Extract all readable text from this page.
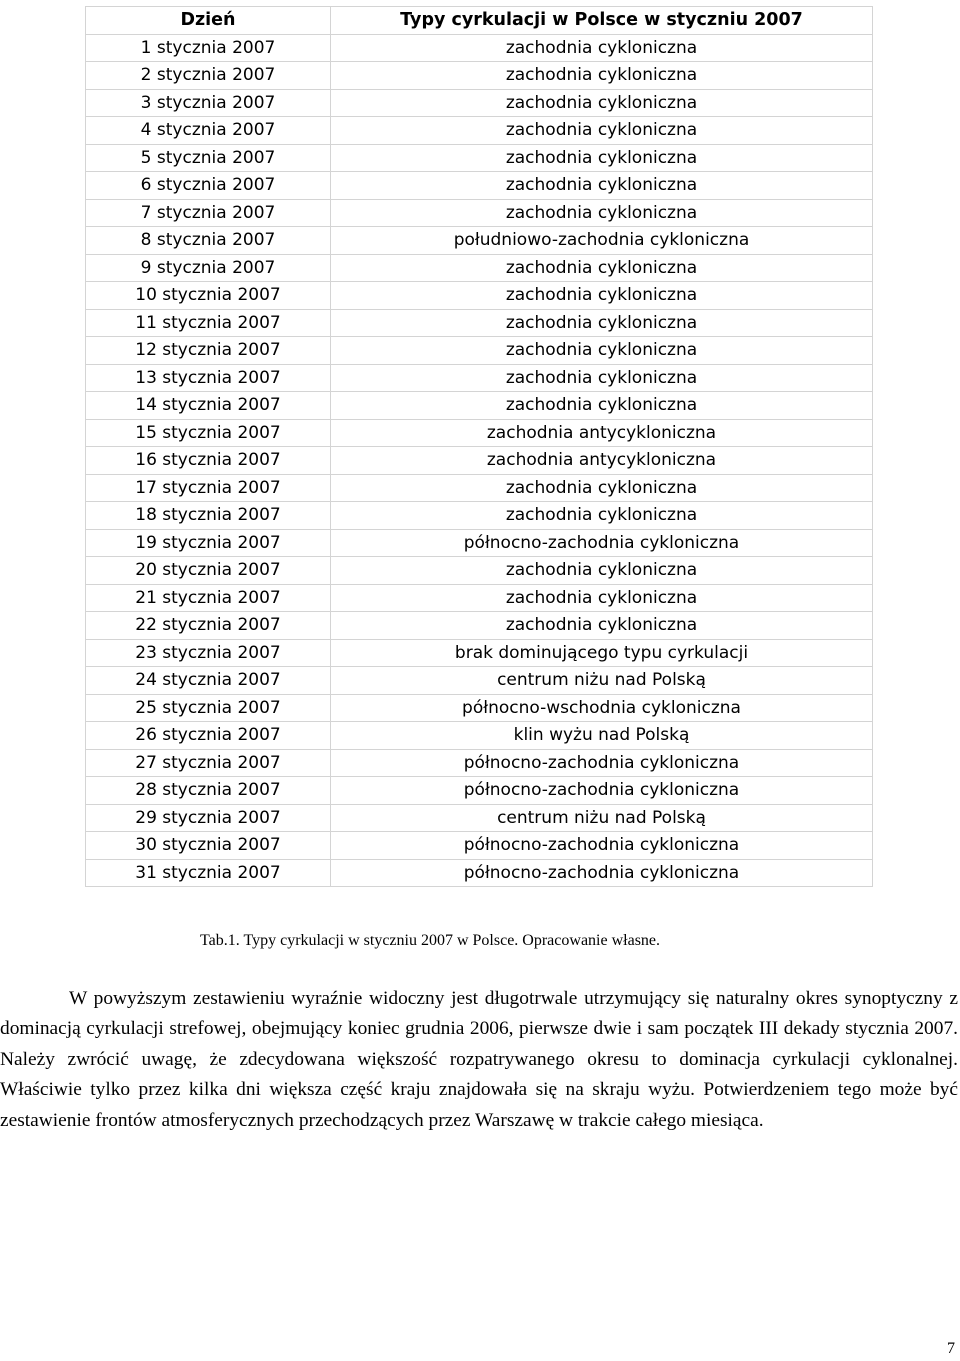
Dzień	Typy cyrkulacji w Polsce w styczniu 2007
1 stycznia 2007	zachodnia cykloniczna
2 stycznia 2007	zachodnia cykloniczna
3 stycznia 2007	zachodnia cykloniczna
4 stycznia 2007	zachodnia cykloniczna
5 stycznia 2007	zachodnia cykloniczna
6 stycznia 2007	zachodnia cykloniczna
7 stycznia 2007	zachodnia cykloniczna
8 stycznia 2007	południowo-zachodnia cykloniczna
9 stycznia 2007	zachodnia cykloniczna
10 stycznia 2007	zachodnia cykloniczna
11 stycznia 2007	zachodnia cykloniczna
12 stycznia 2007	zachodnia cykloniczna
13 stycznia 2007	zachodnia cykloniczna
14 stycznia 2007	zachodnia cykloniczna
15 stycznia 2007	zachodnia antycykloniczna
16 stycznia 2007	zachodnia antycykloniczna
17 stycznia 2007	zachodnia cykloniczna
18 stycznia 2007	zachodnia cykloniczna
19 stycznia 2007	północno-zachodnia cykloniczna
20 stycznia 2007	zachodnia cykloniczna
21 stycznia 2007	zachodnia cykloniczna
22 stycznia 2007	zachodnia cykloniczna
23 stycznia 2007	brak dominującego typu cyrkulacji
24 stycznia 2007	centrum niżu nad Polską
25 stycznia 2007	północno-wschodnia cykloniczna
26 stycznia 2007	klin wyżu nad Polską
27 stycznia 2007	północno-zachodnia cykloniczna
28 stycznia 2007	północno-zachodnia cykloniczna
29 stycznia 2007	centrum niżu nad Polską
30 stycznia 2007	północno-zachodnia cykloniczna
31 stycznia 2007	północno-zachodnia cykloniczna
Tab.1. Typy cyrkulacji w styczniu 2007 w Polsce. Opracowanie własne.

W powyższym zestawieniu wyraźnie widoczny jest długotrwale utrzymujący się naturalny okres synoptyczny z dominacją cyrkulacji strefowej, obejmujący koniec grudnia 2006, pierwsze dwie i sam początek III dekady stycznia 2007. Należy zwrócić uwagę, że zdecydowana większość rozpatrywanego okresu to dominacja cyrkulacji cyklonalnej. Właściwie tylko przez kilka dni większa część kraju znajdowała się na skraju wyżu. Potwierdzeniem tego może być zestawienie frontów atmosferycznych przechodzących przez Warszawę w trakcie całego miesiąca.

7
